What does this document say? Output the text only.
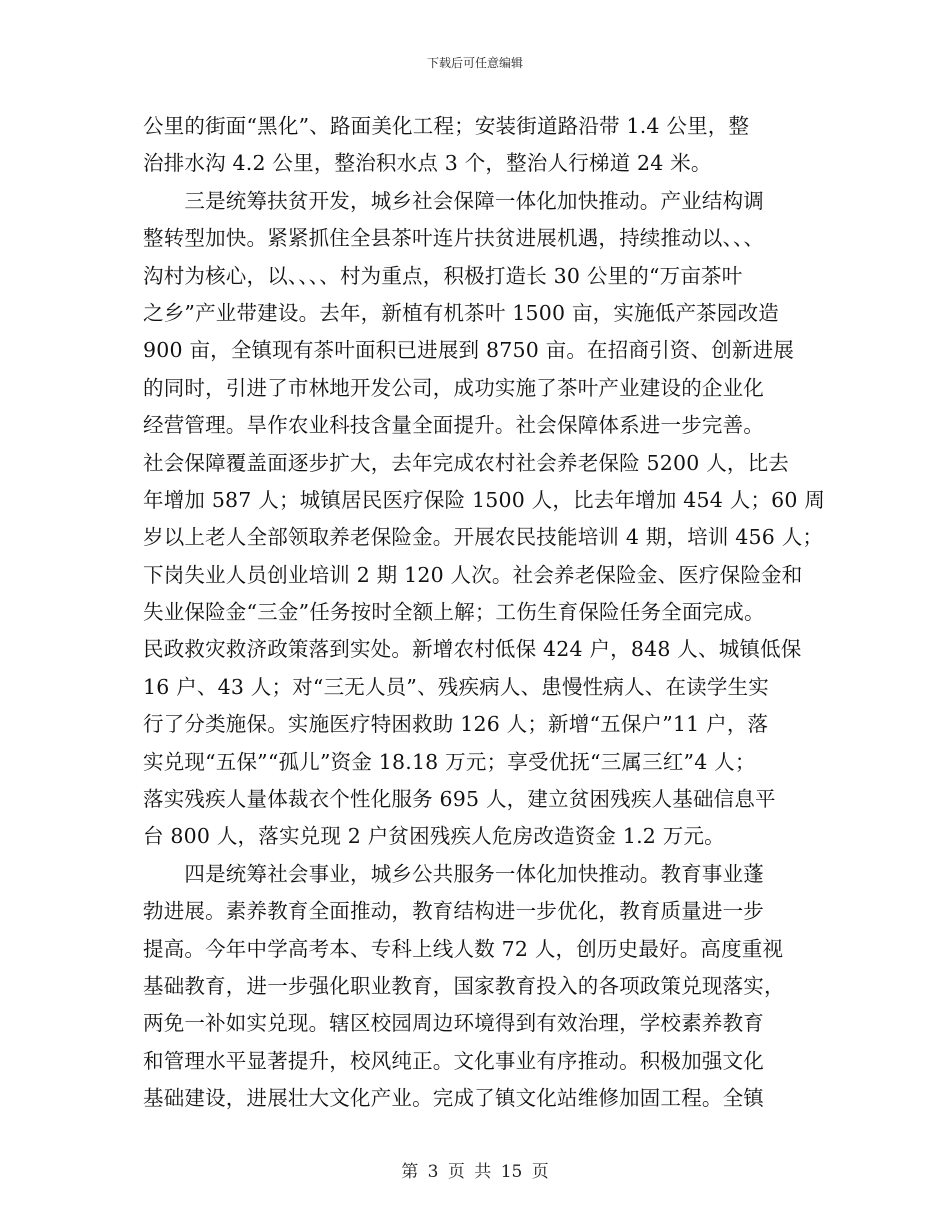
下载后可任意编辑
公里的街面“黑化”、路面美化工程；安装街道路沿带 1.4 公里，整
治排水沟 4.2 公里，整治积水点 3 个，整治人行梯道 24 米。
　　三是统筹扶贫开发，城乡社会保障一体化加快推动。产业结构调
整转型加快。紧紧抓住全县茶叶连片扶贫进展机遇，持续推动以、、、
沟村为核心，以、、、、村为重点，积极打造长 30 公里的“万亩茶叶
之乡”产业带建设。去年，新植有机茶叶 1500 亩，实施低产茶园改造
900 亩，全镇现有茶叶面积已进展到 8750 亩。在招商引资、创新进展
的同时，引进了市林地开发公司，成功实施了茶叶产业建设的企业化
经营管理。旱作农业科技含量全面提升。社会保障体系进一步完善。
社会保障覆盖面逐步扩大，去年完成农村社会养老保险 5200 人，比去
年增加 587 人；城镇居民医疗保险 1500 人，比去年增加 454 人；60 周
岁以上老人全部领取养老保险金。开展农民技能培训 4 期，培训 456 人；
下岗失业人员创业培训 2 期 120 人次。社会养老保险金、医疗保险金和
失业保险金“三金”任务按时全额上解；工伤生育保险任务全面完成。
民政救灾救济政策落到实处。新增农村低保 424 户，848 人、城镇低保
16 户、43 人；对“三无人员”、残疾病人、患慢性病人、在读学生实
行了分类施保。实施医疗特困救助 126 人；新增“五保户”11 户，落
实兑现“五保”“孤儿”资金 18.18 万元；享受优抚“三属三红”4 人；
落实残疾人量体裁衣个性化服务 695 人，建立贫困残疾人基础信息平
台 800 人，落实兑现 2 户贫困残疾人危房改造资金 1.2 万元。
　　四是统筹社会事业，城乡公共服务一体化加快推动。教育事业蓬
勃进展。素养教育全面推动，教育结构进一步优化，教育质量进一步
提高。今年中学高考本、专科上线人数 72 人，创历史最好。高度重视
基础教育，进一步强化职业教育，国家教育投入的各项政策兑现落实，
两免一补如实兑现。辖区校园周边环境得到有效治理，学校素养教育
和管理水平显著提升，校风纯正。文化事业有序推动。积极加强文化
基础建设，进展壮大文化产业。完成了镇文化站维修加固工程。全镇
第 3 页 共 15 页
